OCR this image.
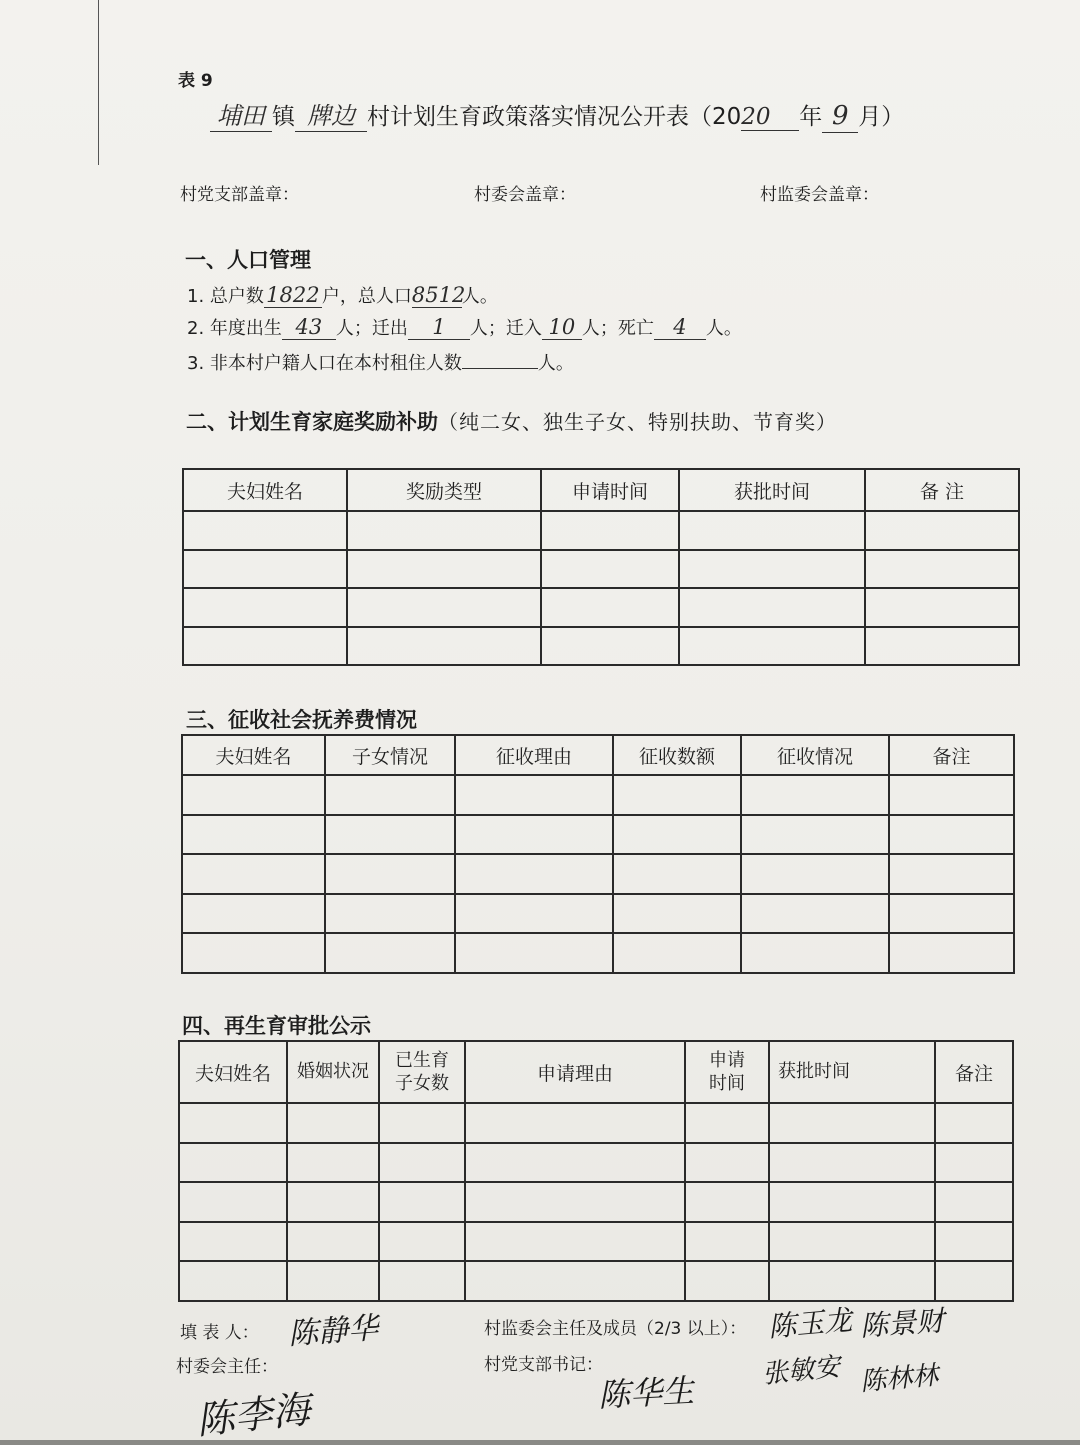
表 9
埔田 镇 牌边 村计划生育政策落实情况公开表（2020 年 9 月）
村党支部盖章：	村委会盖章：	村监委会盖章：
一、人口管理
1. 总户数 1822 户，总人口8512人。
2. 年度出生 43 人；迁出 1 人；迁入 10 人；死亡 4 人。
3. 非本村户籍人口在本村租住人数	人。
二、计划生育家庭奖励补助（纯二女、独生子女、特别扶助、节育奖）
夫妇姓名	奖励类型	申请时间	获批时间	备 注

三、征收社会抚养费情况
夫妇姓名	子女情况	征收理由	征收数额	征收情况	备注

四、再生育审批公示
夫妇姓名	婚姻状况	已生育子女数	申请理由	申请时间	获批时间	备注

填 表 人： 陈静华
村委会主任：
陈李海
村监委会主任及成员（2/3 以上）： 陈玉龙 陈景财
张敏安 陈林林
村党支部书记：
陈华生
